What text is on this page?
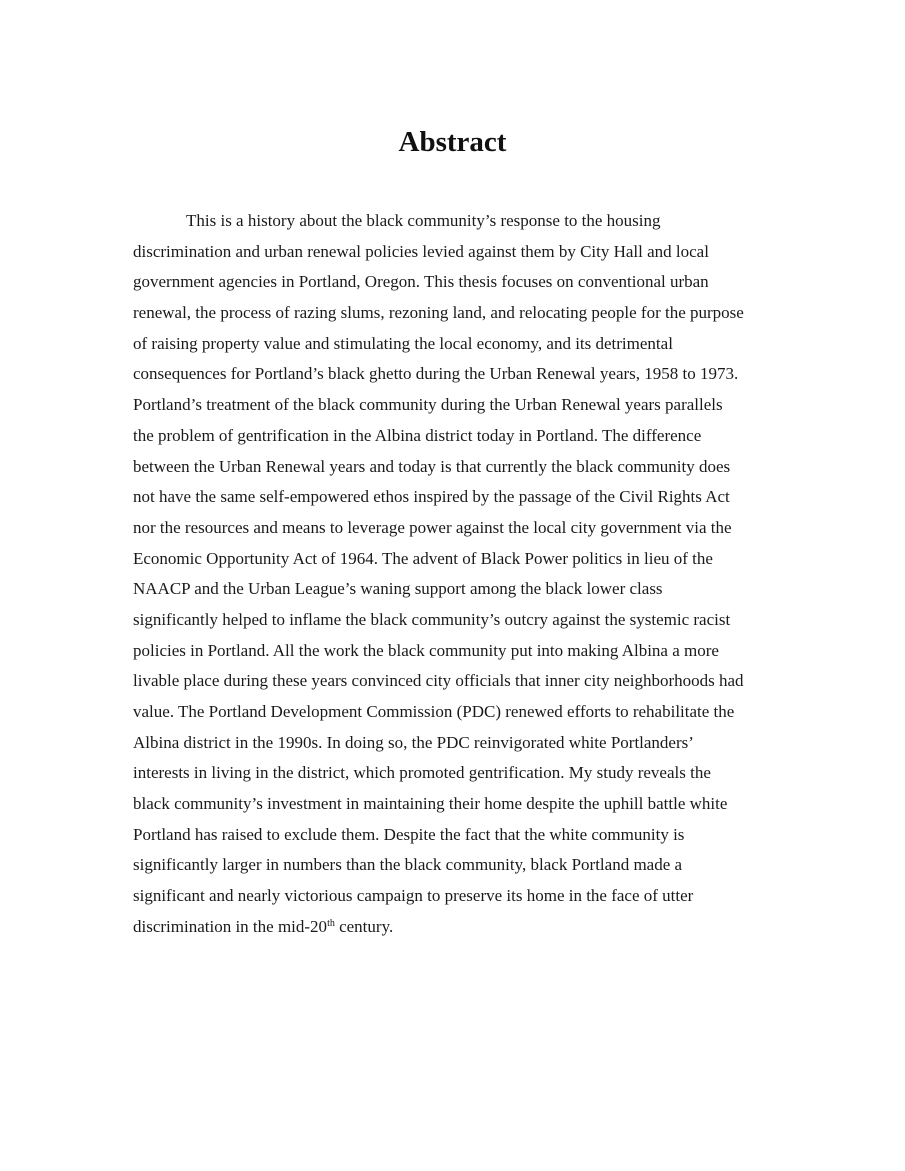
Abstract
This is a history about the black community’s response to the housing
discrimination and urban renewal policies levied against them by City Hall and local
government agencies in Portland, Oregon. This thesis focuses on conventional urban
renewal, the process of razing slums, rezoning land, and relocating people for the purpose
of raising property value and stimulating the local economy, and its detrimental
consequences for Portland’s black ghetto during the Urban Renewal years, 1958 to 1973.
Portland’s treatment of the black community during the Urban Renewal years parallels
the problem of gentrification in the Albina district today in Portland. The difference
between the Urban Renewal years and today is that currently the black community does
not have the same self-empowered ethos inspired by the passage of the Civil Rights Act
nor the resources and means to leverage power against the local city government via the
Economic Opportunity Act of 1964. The advent of Black Power politics in lieu of the
NAACP and the Urban League’s waning support among the black lower class
significantly helped to inflame the black community’s outcry against the systemic racist
policies in Portland. All the work the black community put into making Albina a more
livable place during these years convinced city officials that inner city neighborhoods had
value. The Portland Development Commission (PDC) renewed efforts to rehabilitate the
Albina district in the 1990s. In doing so, the PDC reinvigorated white Portlanders’
interests in living in the district, which promoted gentrification. My study reveals the
black community’s investment in maintaining their home despite the uphill battle white
Portland has raised to exclude them. Despite the fact that the white community is
significantly larger in numbers than the black community, black Portland made a
significant and nearly victorious campaign to preserve its home in the face of utter
discrimination in the mid-20th century.
